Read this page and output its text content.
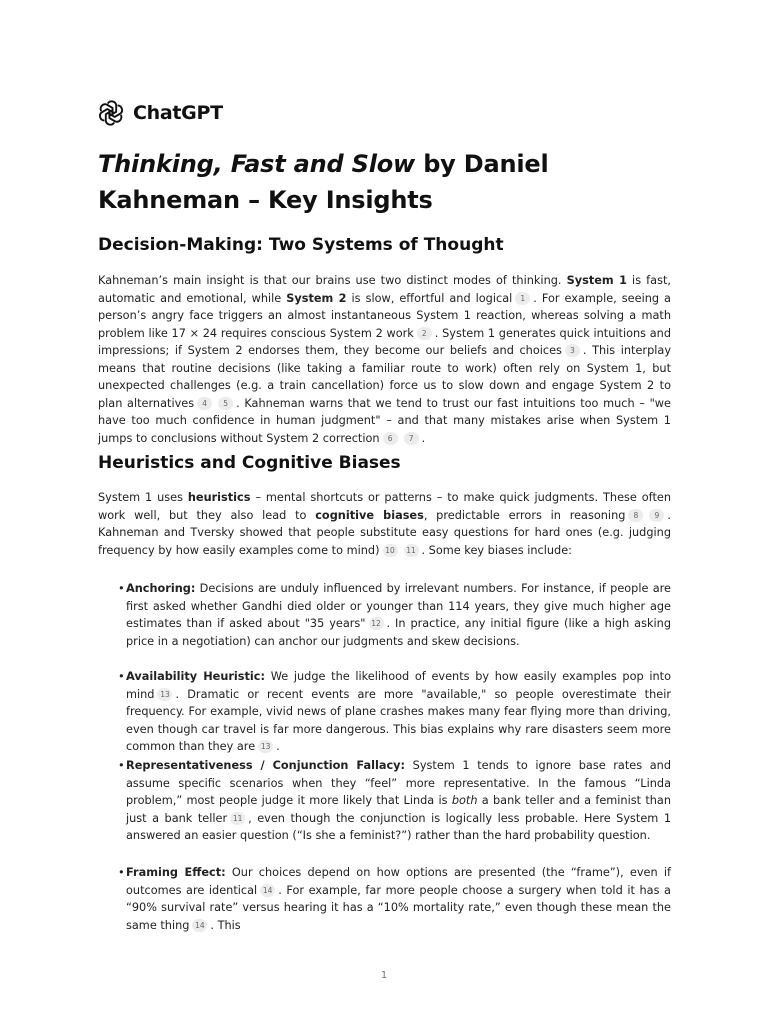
ChatGPT
Thinking, Fast and Slow by Daniel Kahneman – Key Insights
Decision-Making: Two Systems of Thought

Kahneman’s main insight is that our brains use two distinct modes of thinking. System 1 is fast, automatic and emotional, while System 2 is slow, effortful and logical 1 . For example, seeing a person’s angry face triggers an almost instantaneous System 1 reaction, whereas solving a math problem like 17 × 24 requires conscious System 2 work 2 . System 1 generates quick intuitions and impressions; if System 2 endorses them, they become our beliefs and choices 3 . This interplay means that routine decisions (like taking a familiar route to work) often rely on System 1, but unexpected challenges (e.g. a train cancellation) force us to slow down and engage System 2 to plan alternatives 4 5 . Kahneman warns that we tend to trust our fast intuitions too much – "we have too much confidence in human judgment" – and that many mistakes arise when System 1 jumps to conclusions without System 2 correction 6 7 .

Heuristics and Cognitive Biases

System 1 uses heuristics – mental shortcuts or patterns – to make quick judgments. These often work well, but they also lead to cognitive biases, predictable errors in reasoning 8 9 . Kahneman and Tversky showed that people substitute easy questions for hard ones (e.g. judging frequency by how easily examples come to mind) 10 11 . Some key biases include:

• Anchoring: Decisions are unduly influenced by irrelevant numbers. For instance, if people are first asked whether Gandhi died older or younger than 114 years, they give much higher age estimates than if asked about "35 years" 12 . In practice, any initial figure (like a high asking price in a negotiation) can anchor our judgments and skew decisions.
• Availability Heuristic: We judge the likelihood of events by how easily examples pop into mind 13 . Dramatic or recent events are more "available," so people overestimate their frequency. For example, vivid news of plane crashes makes many fear flying more than driving, even though car travel is far more dangerous. This bias explains why rare disasters seem more common than they are 13 .
• Representativeness / Conjunction Fallacy: System 1 tends to ignore base rates and assume specific scenarios when they “feel” more representative. In the famous “Linda problem,” most people judge it more likely that Linda is both a bank teller and a feminist than just a bank teller 11 , even though the conjunction is logically less probable. Here System 1 answered an easier question (“Is she a feminist?”) rather than the hard probability question.
• Framing Effect: Our choices depend on how options are presented (the “frame”), even if outcomes are identical 14 . For example, far more people choose a surgery when told it has a “90% survival rate” versus hearing it has a “10% mortality rate,” even though these mean the same thing 14 . This
1
